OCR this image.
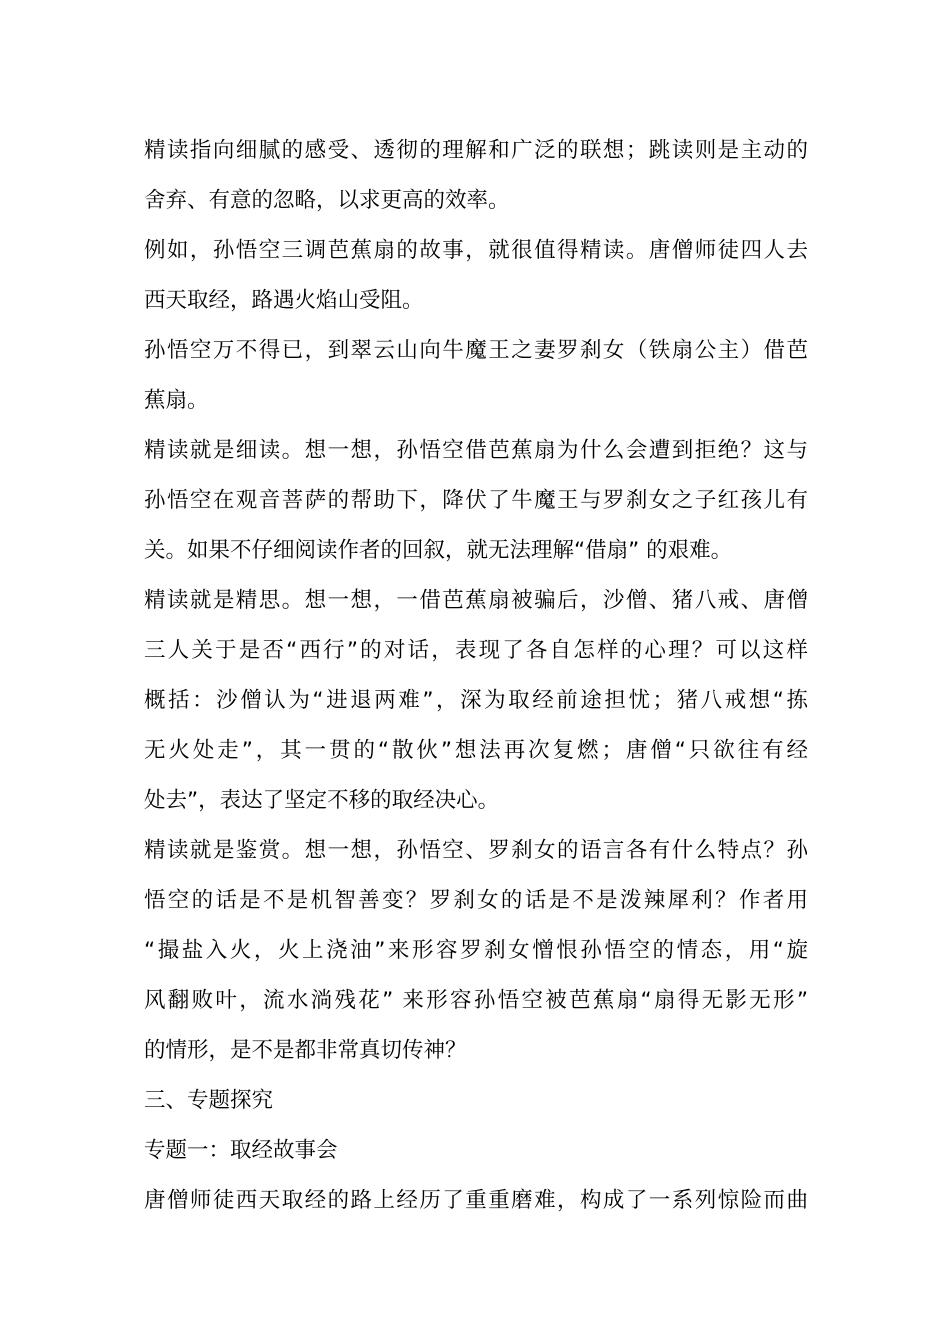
精读指向细腻的感受、透彻的理解和广泛的联想；跳读则是主动的
舍弃、有意的忽略，以求更高的效率。
例如，孙悟空三调芭蕉扇的故事，就很值得精读。唐僧师徒四人去
西天取经，路遇火焰山受阻。
孙悟空万不得已，到翠云山向牛魔王之妻罗刹女（铁扇公主）借芭
蕉扇。
精读就是细读。想一想，孙悟空借芭蕉扇为什么会遭到拒绝？这与
孙悟空在观音菩萨的帮助下，降伏了牛魔王与罗刹女之子红孩儿有
关。如果不仔细阅读作者的回叙，就无法理解“借扇” 的艰难。
精读就是精思。想一想，一借芭蕉扇被骗后，沙僧、猪八戒、唐僧
三人关于是否“西行”的对话，表现了各自怎样的心理？可以这样
概括：沙僧认为“进退两难”，深为取经前途担忧；猪八戒想“拣
无火处走”，其一贯的“散伙”想法再次复燃；唐僧“只欲往有经
处去”，表达了坚定不移的取经决心。
精读就是鉴赏。想一想，孙悟空、罗刹女的语言各有什么特点？孙
悟空的话是不是机智善变？罗刹女的话是不是泼辣犀利？作者用
“撮盐入火，火上浇油”来形容罗刹女憎恨孙悟空的情态，用“旋
风翻败叶，流水淌残花” 来形容孙悟空被芭蕉扇“扇得无影无形”
的情形，是不是都非常真切传神？
三、专题探究
专题一：取经故事会
唐僧师徒西天取经的路上经历了重重磨难，构成了一系列惊险而曲
